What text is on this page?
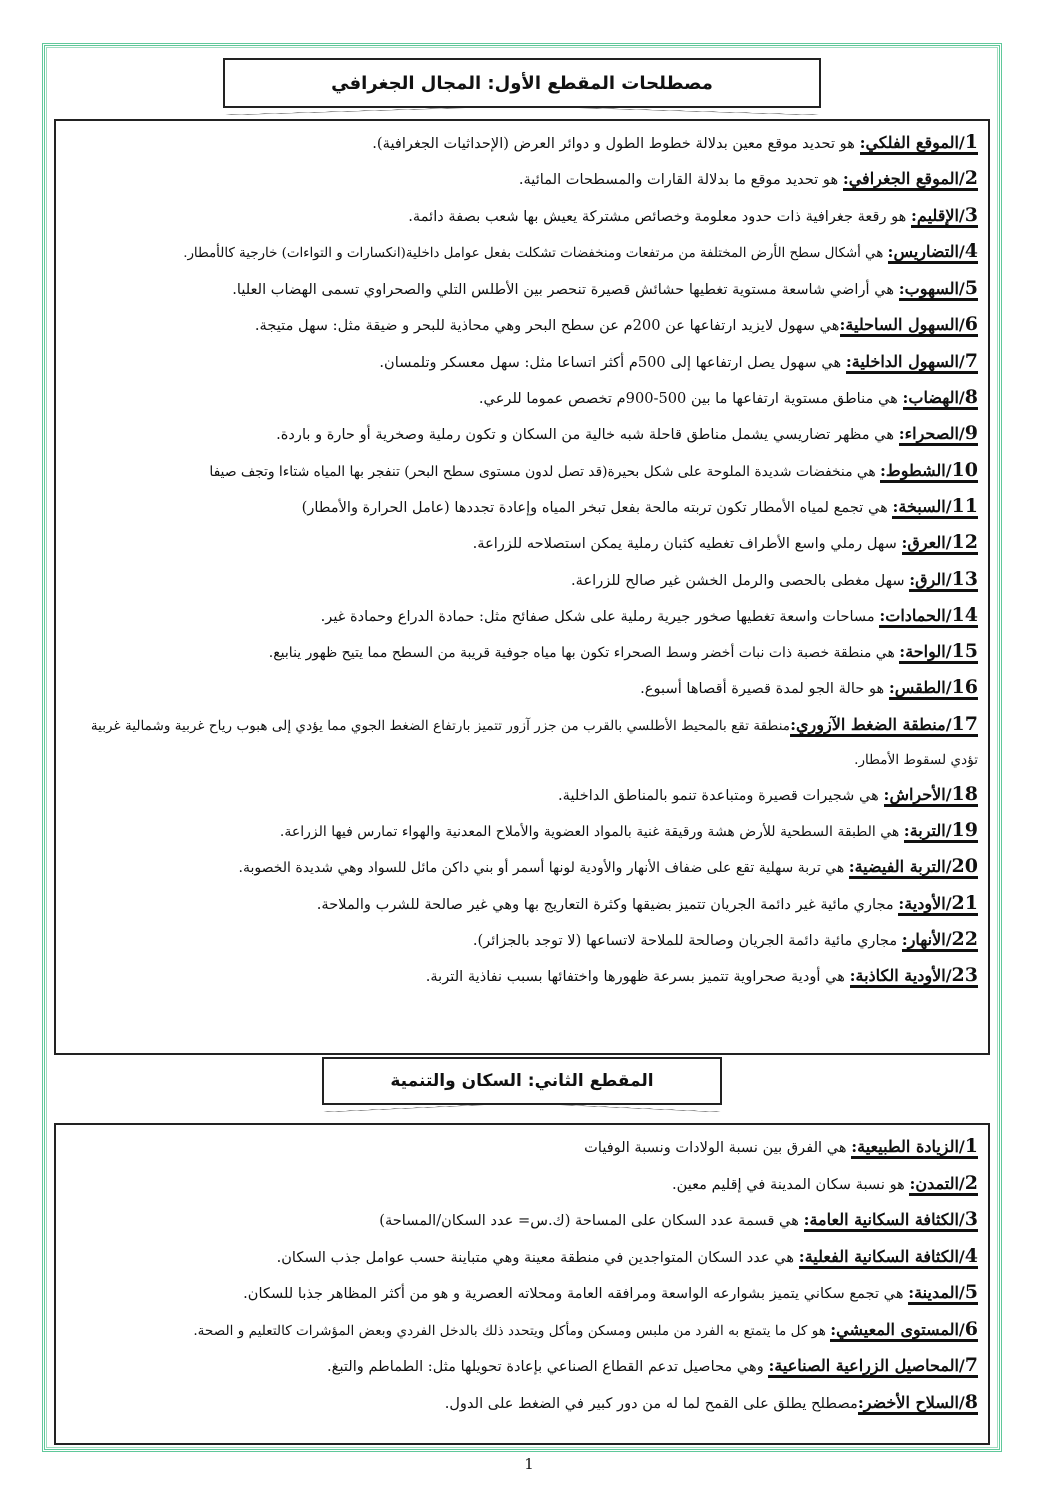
مصطلحات المقطع الأول: المجال الجغرافي
1/الموقع الفلكي: هو تحديد موقع معين بدلالة خطوط الطول و دوائر العرض (الإحداثيات الجغرافية).
2/الموقع الجغرافي: هو تحديد موقع ما بدلالة القارات والمسطحات المائية.
3/الإقليم: هو رقعة جغرافية ذات حدود معلومة وخصائص مشتركة يعيش بها شعب بصفة دائمة.
4/التضاريس: هي أشكال سطح الأرض المختلفة من مرتفعات ومنخفضات تشكلت بفعل عوامل داخلية(انكسارات و التواءات) خارجية كالأمطار.
5/السهوب: هي أراضي شاسعة مستوية تغطيها حشائش قصيرة تنحصر بين الأطلس التلي والصحراوي تسمى الهضاب العليا.
6/السهول الساحلية:هي سهول لايزيد ارتفاعها عن 200م عن سطح البحر وهي محاذية للبحر و ضيقة مثل: سهل متيجة.
7/السهول الداخلية: هي سهول يصل ارتفاعها إلى 500م أكثر اتساعا مثل: سهل معسكر وتلمسان.
8/الهضاب: هي مناطق مستوية ارتفاعها ما بين 500-900م تخصص عموما للرعي.
9/الصحراء: هي مظهر تضاريسي يشمل مناطق قاحلة شبه خالية من السكان و تكون رملية وصخرية أو حارة و باردة.
10/الشطوط: هي منخفضات شديدة الملوحة على شكل بحيرة(قد تصل لدون مستوى سطح البحر) تنفجر بها المياه شتاءا وتجف صيفا
11/السبخة: هي تجمع لمياه الأمطار تكون تربته مالحة بفعل تبخر المياه وإعادة تجددها (عامل الحرارة والأمطار)
12/العرق: سهل رملي واسع الأطراف تغطيه كثبان رملية يمكن استصلاحه للزراعة.
13/الرق: سهل مغطى بالحصى والرمل الخشن غير صالح للزراعة.
14/الحمادات: مساحات واسعة تغطيها صخور جيرية رملية على شكل صفائح مثل: حمادة الدراع وحمادة غير.
15/الواحة: هي منطقة خصبة ذات نبات أخضر وسط الصحراء تكون بها مياه جوفية قريبة من السطح مما يتيح ظهور ينابيع.
16/الطقس: هو حالة الجو لمدة قصيرة أقصاها أسبوع.
17/منطقة الضغط الآزوري:منطقة تقع بالمحيط الأطلسي بالقرب من جزر آزور تتميز بارتفاع الضغط الجوي مما يؤدي إلى هبوب رياح غربية وشمالية غربية تؤدي لسقوط الأمطار.
18/الأحراش: هي شجيرات قصيرة ومتباعدة تنمو بالمناطق الداخلية.
19/التربة: هي الطبقة السطحية للأرض هشة ورقيقة غنية بالمواد العضوية والأملاح المعدنية والهواء تمارس فيها الزراعة.
20/التربة الفيضية: هي تربة سهلية تقع على ضفاف الأنهار والأودية لونها أسمر أو بني داكن مائل للسواد وهي شديدة الخصوبة.
21/الأودية: مجاري مائية غير دائمة الجريان تتميز بضيقها وكثرة التعاريج بها وهي غير صالحة للشرب والملاحة.
22/الأنهار: مجاري مائية دائمة الجريان وصالحة للملاحة لاتساعها (لا توجد بالجزائر).
23/الأودية الكاذبة: هي أودية صحراوية تتميز بسرعة ظهورها واختفائها بسبب نفاذية التربة.
المقطع الثاني: السكان والتنمية
1/الزيادة الطبيعية: هي الفرق بين نسبة الولادات ونسبة الوفيات
2/التمدن: هو نسبة سكان المدينة في إقليم معين.
3/الكثافة السكانية العامة: هي قسمة عدد السكان على المساحة (ك.س= عدد السكان/المساحة)
4/الكثافة السكانية الفعلية: هي عدد السكان المتواجدين في منطقة معينة وهي متباينة حسب عوامل جذب السكان.
5/المدينة: هي تجمع سكاني يتميز بشوارعه الواسعة ومرافقه العامة ومحلاته العصرية و هو من أكثر المظاهر جذبا للسكان.
6/المستوى المعيشي: هو كل ما يتمتع به الفرد من ملبس ومسكن ومأكل ويتحدد ذلك بالدخل الفردي وبعض المؤشرات كالتعليم و الصحة.
7/المحاصيل الزراعية الصناعية: وهي محاصيل تدعم القطاع الصناعي بإعادة تحويلها مثل: الطماطم والتبغ.
8/السلاح الأخضر:مصطلح يطلق على القمح لما له من دور كبير في الضغط على الدول.
1
